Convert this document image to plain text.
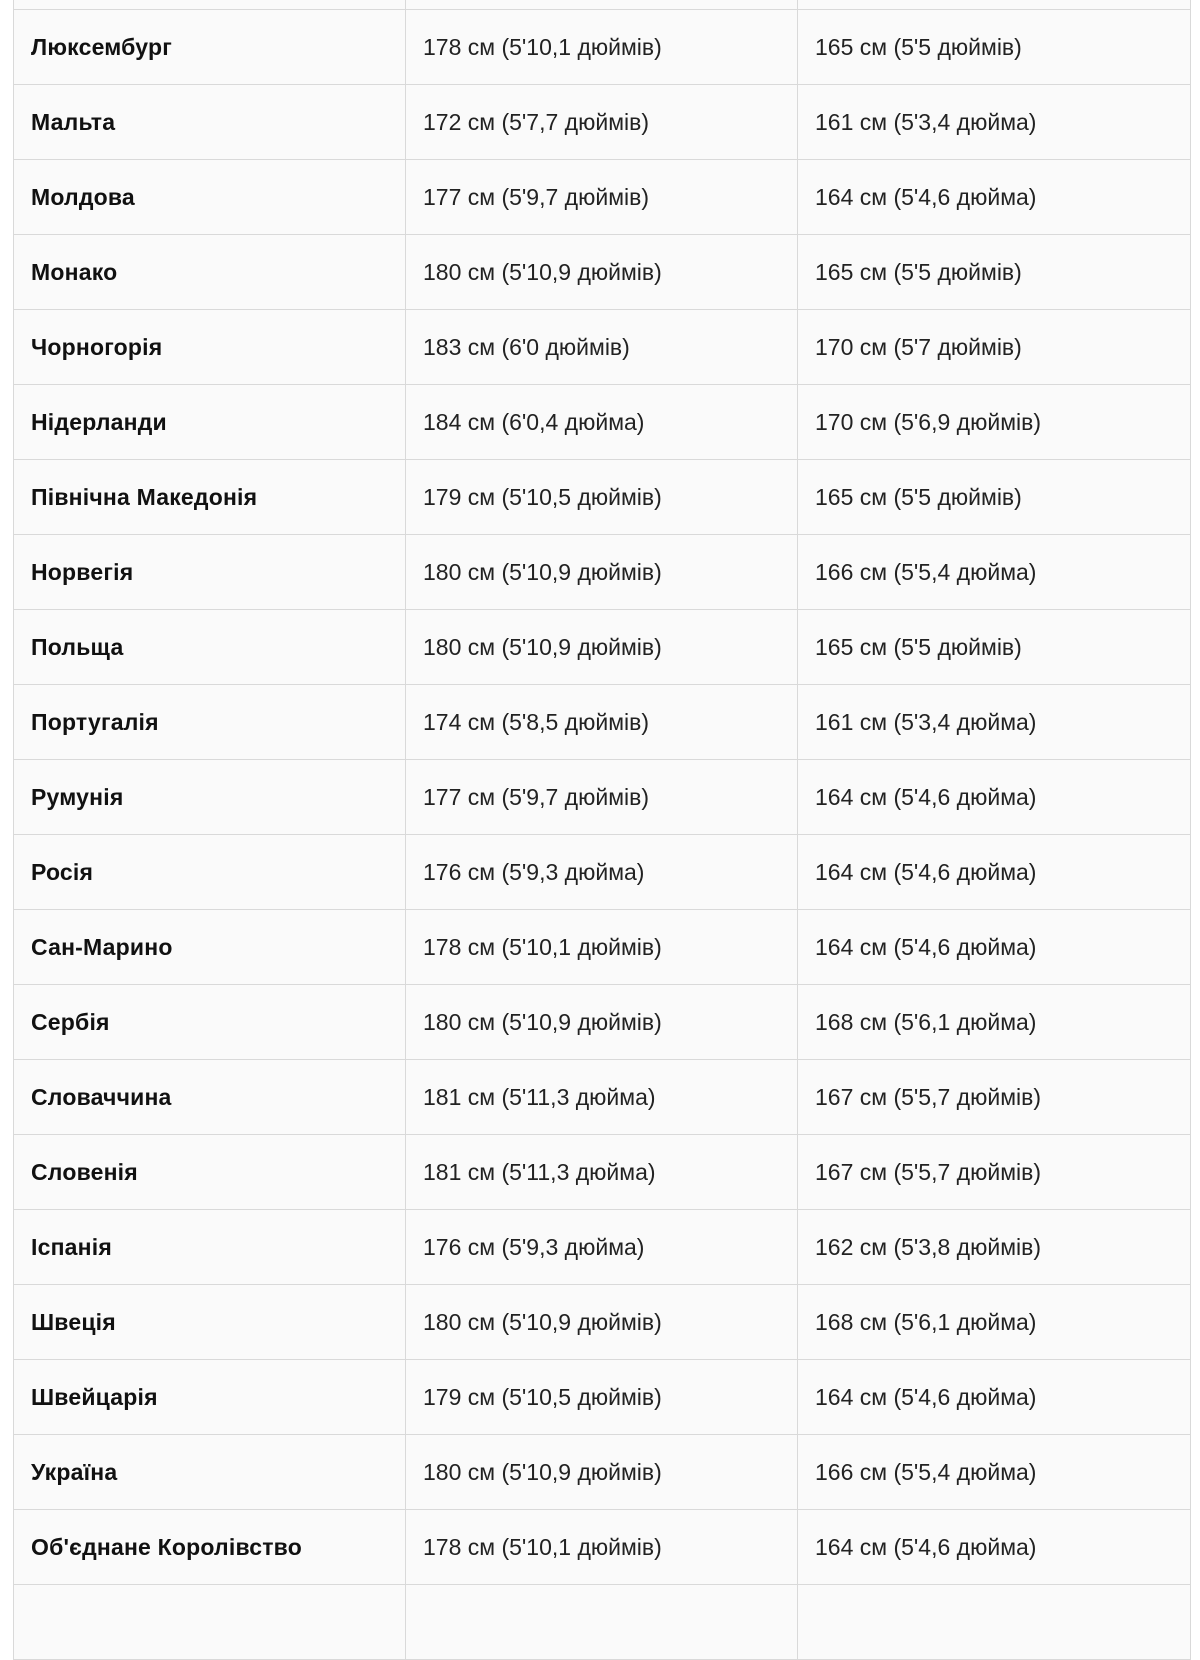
Люксембург	178 см (5'10,1 дюймів)	165 см (5'5 дюймів)
Мальта	172 см (5'7,7 дюймів)	161 см (5'3,4 дюйма)
Молдова	177 см (5'9,7 дюймів)	164 см (5'4,6 дюйма)
Монако	180 см (5'10,9 дюймів)	165 см (5'5 дюймів)
Чорногорія	183 см (6'0 дюймів)	170 см (5'7 дюймів)
Нідерланди	184 см (6'0,4 дюйма)	170 см (5'6,9 дюймів)
Північна Македонія	179 см (5'10,5 дюймів)	165 см (5'5 дюймів)
Норвегія	180 см (5'10,9 дюймів)	166 см (5'5,4 дюйма)
Польща	180 см (5'10,9 дюймів)	165 см (5'5 дюймів)
Португалія	174 см (5'8,5 дюймів)	161 см (5'3,4 дюйма)
Румунія	177 см (5'9,7 дюймів)	164 см (5'4,6 дюйма)
Росія	176 см (5'9,3 дюйма)	164 см (5'4,6 дюйма)
Сан-Марино	178 см (5'10,1 дюймів)	164 см (5'4,6 дюйма)
Сербія	180 см (5'10,9 дюймів)	168 см (5'6,1 дюйма)
Словаччина	181 см (5'11,3 дюйма)	167 см (5'5,7 дюймів)
Словенія	181 см (5'11,3 дюйма)	167 см (5'5,7 дюймів)
Іспанія	176 см (5'9,3 дюйма)	162 см (5'3,8 дюймів)
Швеція	180 см (5'10,9 дюймів)	168 см (5'6,1 дюйма)
Швейцарія	179 см (5'10,5 дюймів)	164 см (5'4,6 дюйма)
Україна	180 см (5'10,9 дюймів)	166 см (5'5,4 дюйма)
Об'єднане Королівство	178 см (5'10,1 дюймів)	164 см (5'4,6 дюйма)
